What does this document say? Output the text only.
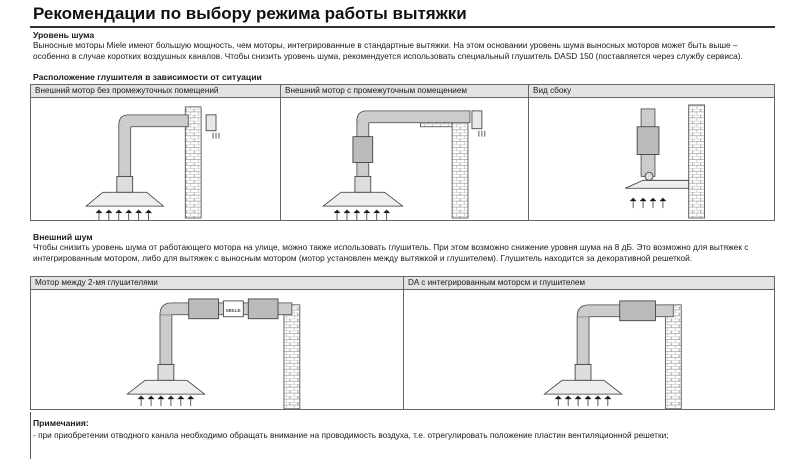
Рекомендации по выбору режима работы вытяжки
Уровень шума
Выносные моторы Miele имеют большую мощность, чем моторы, интегрированные в стандартные вытяжки. На этом основании уровень шума выносных моторов может быть выше –
особенно в случае коротких воздушных каналов. Чтобы снизить уровень шума, рекомендуется использовать специальный глушитель DASD 150 (поставляется через службу сервиса).
Расположение глушителя в зависимости от ситуации
Внешний мотор без промежуточных помещений	Внешний мотор с промежуточным помещением	Вид сбоку
Внешний шум
Чтобы снизить уровень шума от работающего мотора на улице, можно также использовать глушитель. При этом возможно снижение уровня шума на 8 дБ. Это возможно для вытяжек с
интегрированным мотором, либо для вытяжек с выносным мотором (мотор установлен между вытяжкой и глушителем). Глушитель находится за декоративной решеткой.
Мотор между 2-мя глушителями
MIELE
DA с интегрированным моторсм и глушителем
Примечания:
- при приобретении отводного канала необходимо обращать внимание на проводимость воздуха, т.е. отрегулировать положение пластин вентиляционной решетки;
